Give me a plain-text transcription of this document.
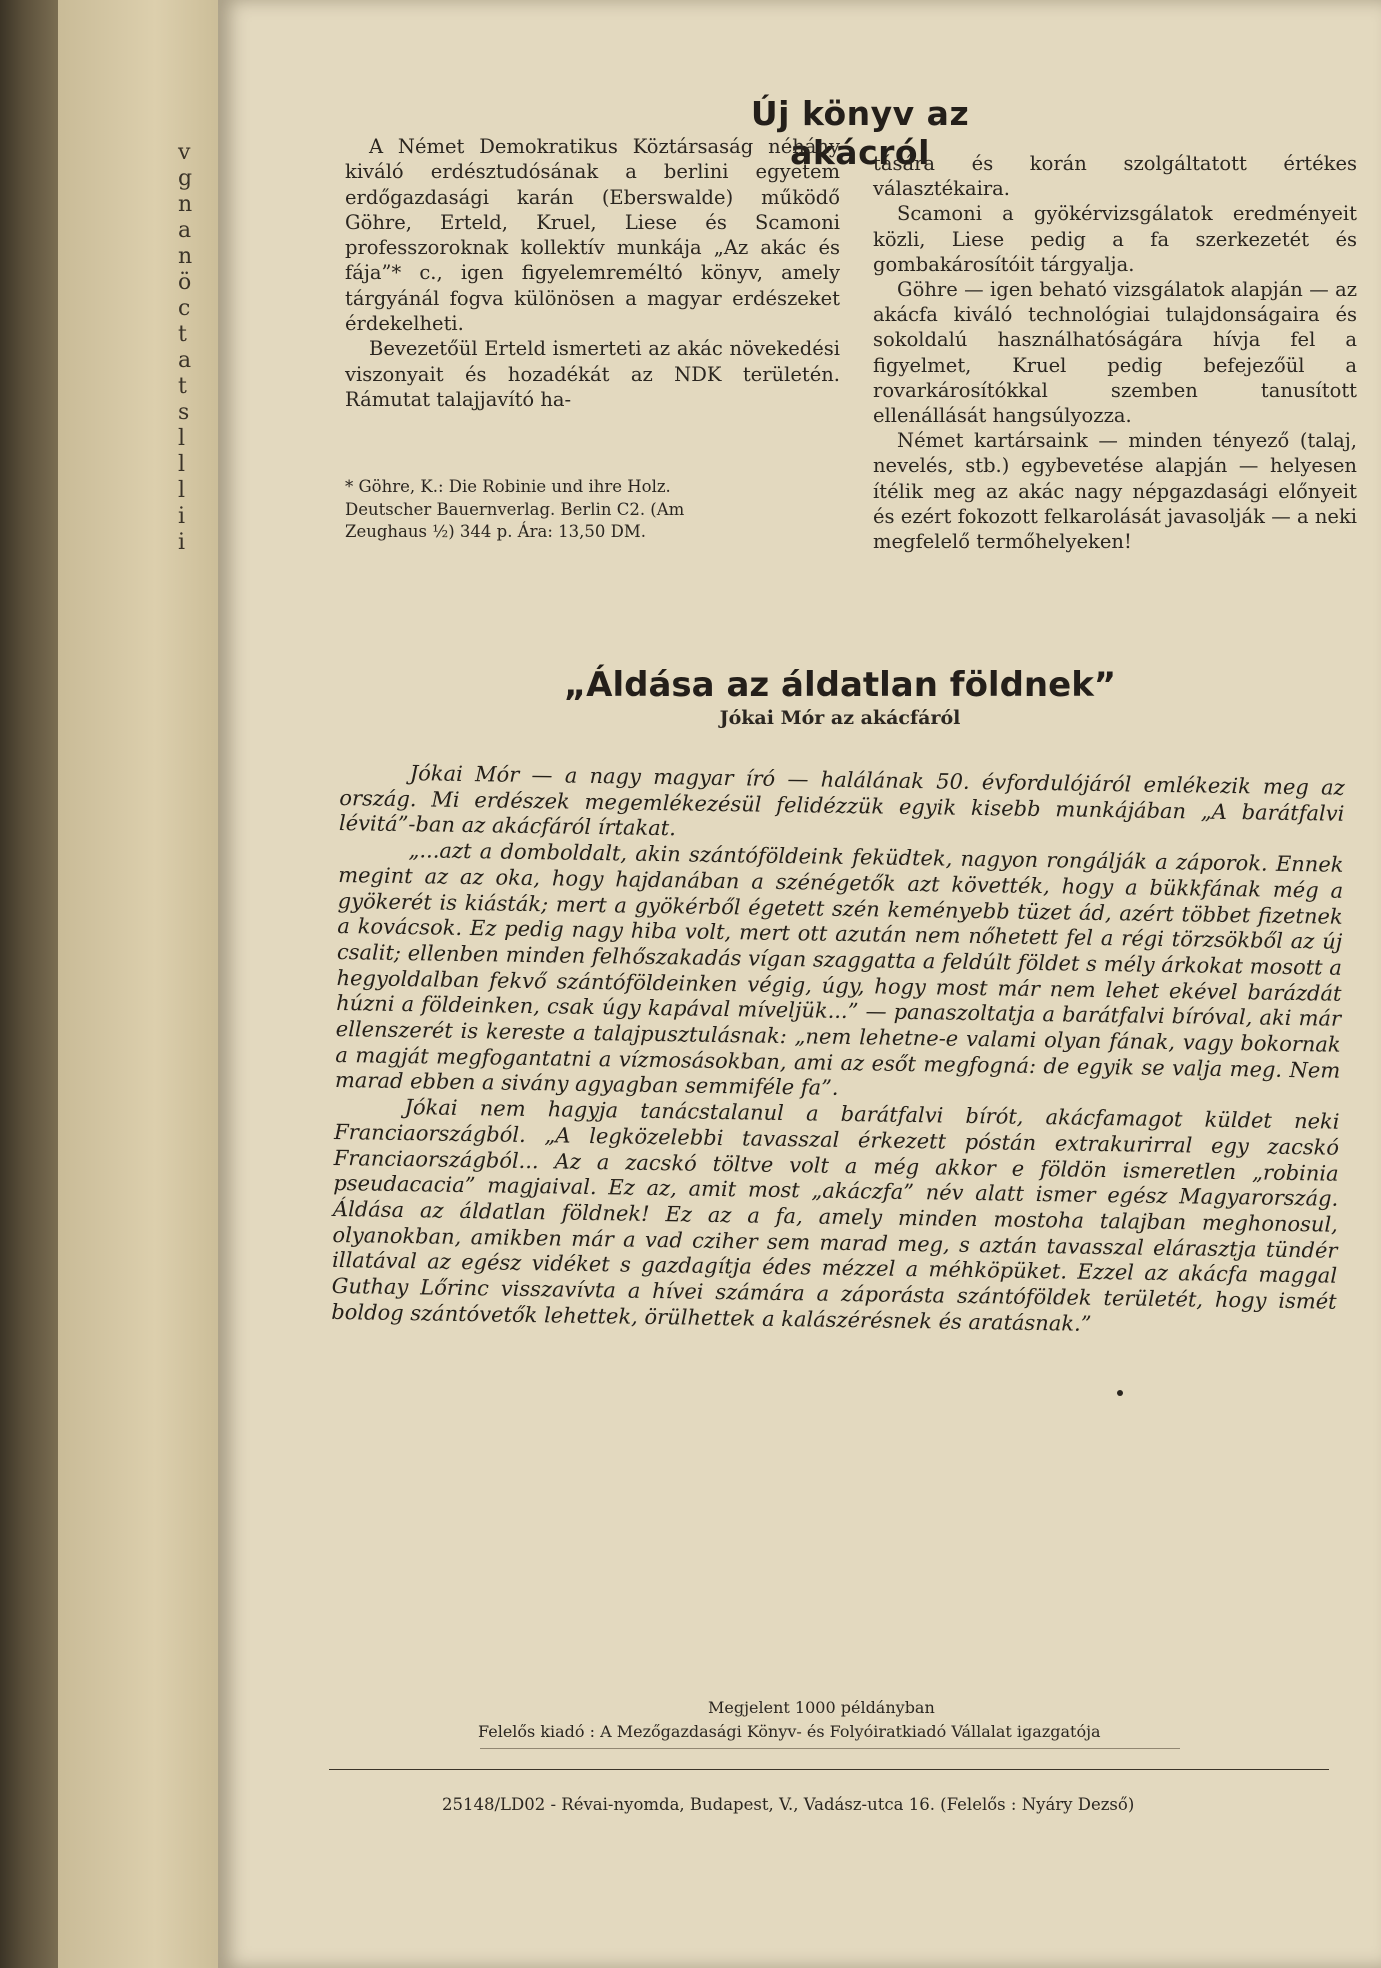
v
g
n
a
n
ö
c
t
a
t
s
l
l
l
i
i
Új könyv az akácról

A Német Demokratikus Köztársaság néhány kiváló erdésztudósának a berlini egyetem erdőgazdasági karán (Eberswalde) működő Göhre, Erteld, Kruel, Liese és Scamoni professzoroknak kollektív munkája „Az akác és fája”* c., igen figyelemreméltó könyv, amely tárgyánál fogva különösen a magyar erdészeket érdekelheti.

Bevezetőül Erteld ismerteti az akác növekedési viszonyait és hozadékát az NDK területén. Rámutat talajjavító ha-

* Göhre, K.: Die Robinie und ihre Holz. Deutscher Bauernverlag. Berlin C2. (Am Zeughaus ½) 344 p. Ára: 13,50 DM.

tására és korán szolgáltatott értékes választékaira.

Scamoni a gyökérvizsgálatok eredményeit közli, Liese pedig a fa szerkezetét és gombakárosítóit tárgyalja.

Göhre — igen beható vizsgálatok alapján — az akácfa kiváló technológiai tulajdonságaira és sokoldalú használhatóságára hívja fel a figyelmet, Kruel pedig befejezőül a rovarkárosítókkal szemben tanusított ellenállását hangsúlyozza.

Német kartársaink — minden tényező (talaj, nevelés, stb.) egybevetése alapján — helyesen ítélik meg az akác nagy népgazdasági előnyeit és ezért fokozott felkarolását javasolják — a neki megfelelő termőhelyeken!

„Áldása az áldatlan földnek”
Jókai Mór az akácfáról

Jókai Mór — a nagy magyar író — halálának 50. évfordulójáról emlékezik meg az ország. Mi erdészek megemlékezésül felidézzük egyik kisebb munkájában „A barátfalvi lévitá”-ban az akácfáról írtakat.

„...azt a domboldalt, akin szántóföldeink feküdtek, nagyon rongálják a záporok. Ennek megint az az oka, hogy hajdanában a szénégetők azt követték, hogy a bükkfának még a gyökerét is kiásták; mert a gyökérből égetett szén keményebb tüzet ád, azért többet fizetnek a kovácsok. Ez pedig nagy hiba volt, mert ott azután nem nőhetett fel a régi törzsökből az új csalit; ellenben minden felhőszakadás vígan szaggatta a feldúlt földet s mély árkokat mosott a hegyoldalban fekvő szántóföldeinken végig, úgy, hogy most már nem lehet ekével barázdát húzni a földeinken, csak úgy kapával míveljük...” — panaszoltatja a barátfalvi bíróval, aki már ellenszerét is kereste a talajpusztulásnak: „nem lehetne-e valami olyan fának, vagy bokornak a magját megfogantatni a vízmosásokban, ami az esőt megfogná: de egyik se valja meg. Nem marad ebben a sivány agyagban semmiféle fa”.

Jókai nem hagyja tanácstalanul a barátfalvi bírót, akácfamagot küldet neki Franciaországból. „A legközelebbi tavasszal érkezett póstán extrakurirral egy zacskó Franciaországból... Az a zacskó töltve volt a még akkor e földön ismeretlen „robinia pseudacacia” magjaival. Ez az, amit most „akáczfa” név alatt ismer egész Magyarország. Áldása az áldatlan földnek! Ez az a fa, amely minden mostoha talajban meghonosul, olyanokban, amikben már a vad cziher sem marad meg, s aztán tavasszal elárasztja tündér illatával az egész vidéket s gazdagítja édes mézzel a méhköpüket. Ezzel az akácfa maggal Guthay Lőrinc visszavívta a hívei számára a záporásta szántóföldek területét, hogy ismét boldog szántóvetők lehettek, örülhettek a kalászérésnek és aratásnak.”

Megjelent 1000 példányban
Felelős kiadó : A Mezőgazdasági Könyv- és Folyóiratkiadó Vállalat igazgatója
25148/LD02 - Révai-nyomda, Budapest, V., Vadász-utca 16. (Felelős : Nyáry Dezső)
